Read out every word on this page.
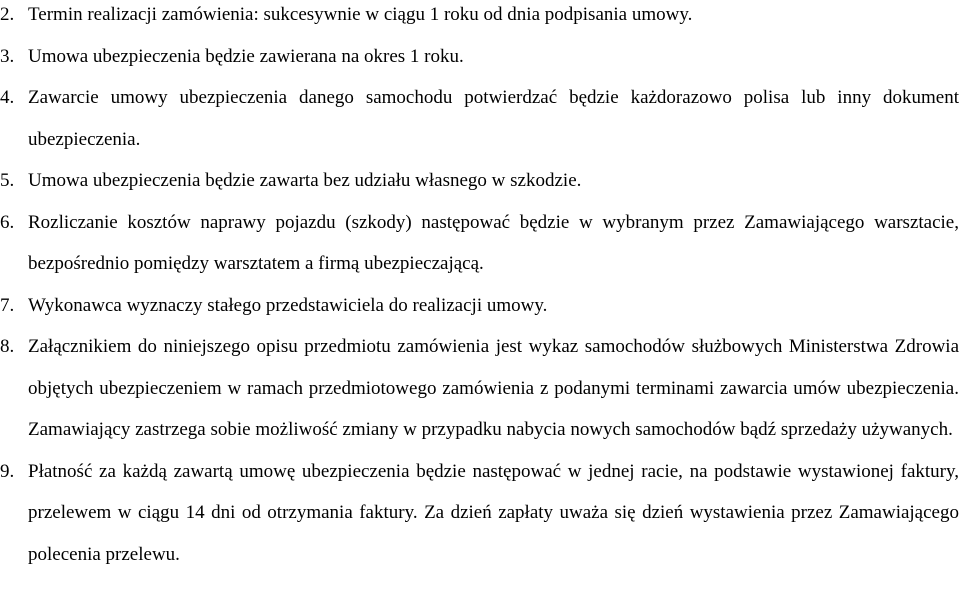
2. Termin realizacji zamówienia: sukcesywnie w ciągu 1 roku od dnia podpisania umowy.
3. Umowa ubezpieczenia będzie zawierana na okres 1 roku.
4. Zawarcie umowy ubezpieczenia danego samochodu potwierdzać będzie każdorazowo polisa lub inny dokument ubezpieczenia.
5. Umowa ubezpieczenia będzie zawarta bez udziału własnego w szkodzie.
6. Rozliczanie kosztów naprawy pojazdu (szkody) następować będzie w wybranym przez Zamawiającego warsztacie, bezpośrednio pomiędzy warsztatem a firmą ubezpieczającą.
7. Wykonawca wyznaczy stałego przedstawiciela do realizacji umowy.
8. Załącznikiem do niniejszego opisu przedmiotu zamówienia jest wykaz samochodów służbowych Ministerstwa Zdrowia objętych ubezpieczeniem w ramach przedmiotowego zamówienia z podanymi terminami zawarcia umów ubezpieczenia. Zamawiający zastrzega sobie możliwość zmiany w przypadku nabycia nowych samochodów bądź sprzedaży używanych.
9. Płatność za każdą zawartą umowę ubezpieczenia będzie następować w jednej racie, na podstawie wystawionej faktury, przelewem w ciągu 14 dni od otrzymania faktury. Za dzień zapłaty uważa się dzień wystawienia przez Zamawiającego polecenia przelewu.
